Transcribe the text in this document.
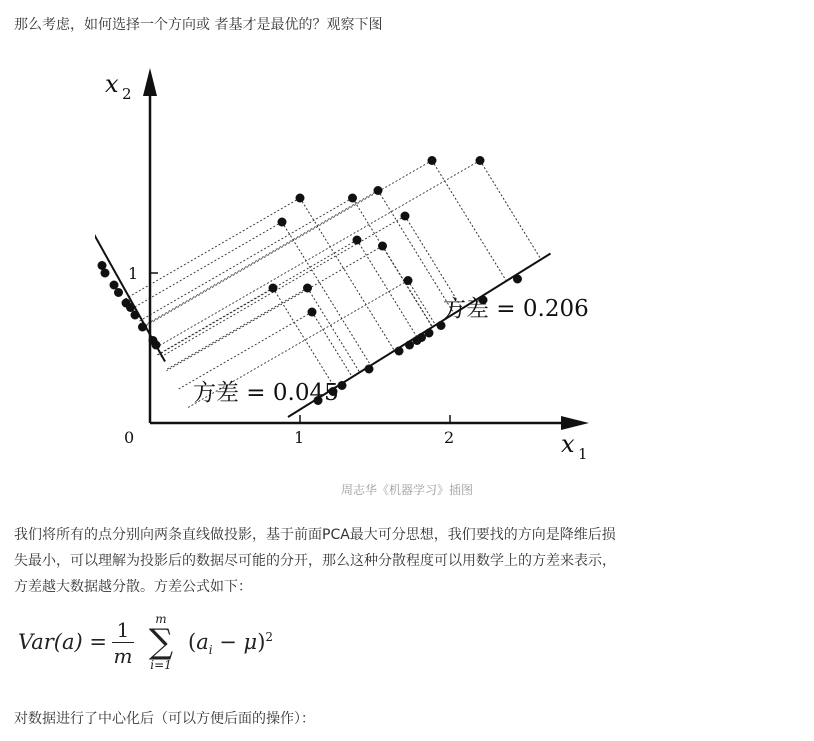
那么考虑，如何选择一个方向或 者基才是最优的？观察下图
x 1
x 2
1	2
1
0
方差 = 0.206
方差 = 0.045
周志华《机器学习》插图

我们将所有的点分别向两条直线做投影，基于前面PCA最大可分思想，我们要找的方向是降维后损
失最小，可以理解为投影后的数据尽可能的分开，那么这种分散程度可以用数学上的方差来表示，
方差越大数据越分散。方差公式如下：

Var(a) = 1
m
m
∑
i=1
$(a_i - \mu)^2$
对数据进行了中心化后（可以方便后面的操作）：
